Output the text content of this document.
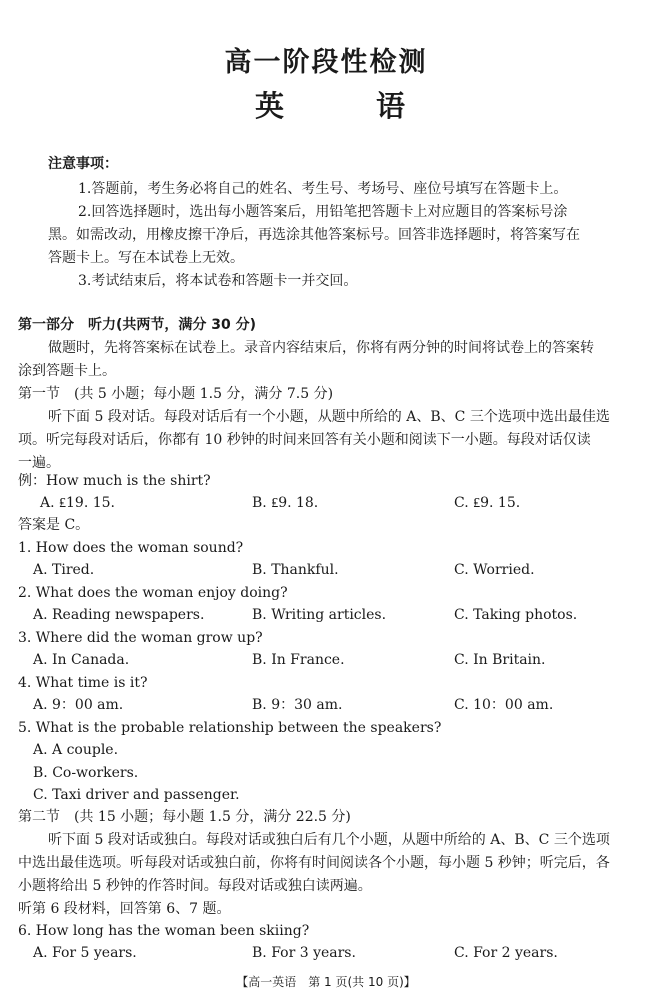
高一阶段性检测
英	语
注意事项：
1.答题前，考生务必将自己的姓名、考生号、考场号、座位号填写在答题卡上。
2.回答选择题时，选出每小题答案后，用铅笔把答题卡上对应题目的答案标号涂
黑。如需改动，用橡皮擦干净后，再选涂其他答案标号。回答非选择题时，将答案写在
答题卡上。写在本试卷上无效。
3.考试结束后，将本试卷和答题卡一并交回。
第一部分　听力(共两节，满分 30 分)
做题时，先将答案标在试卷上。录音内容结束后，你将有两分钟的时间将试卷上的答案转
涂到答题卡上。
第一节　(共 5 小题；每小题 1.5 分，满分 7.5 分)
听下面 5 段对话。每段对话后有一个小题，从题中所给的 A、B、C 三个选项中选出最佳选
项。听完每段对话后，你都有 10 秒钟的时间来回答有关小题和阅读下一小题。每段对话仅读
一遍。
例：How much is the shirt?
A. ₤19. 15.	B. ₤9. 18.	C. ₤9. 15.
答案是 C。
1. How does the woman sound?
A. Tired.	B. Thankful.	C. Worried.
2. What does the woman enjoy doing?
A. Reading newspapers.	B. Writing articles.	C. Taking photos.
3. Where did the woman grow up?
A. In Canada.	B. In France.	C. In Britain.
4. What time is it?
A. 9：00 am.	B. 9：30 am.	C. 10：00 am.
5. What is the probable relationship between the speakers?
A. A couple.
B. Co-workers.
C. Taxi driver and passenger.
第二节　(共 15 小题；每小题 1.5 分，满分 22.5 分)
听下面 5 段对话或独白。每段对话或独白后有几个小题，从题中所给的 A、B、C 三个选项
中选出最佳选项。听每段对话或独白前，你将有时间阅读各个小题，每小题 5 秒钟；听完后，各
小题将给出 5 秒钟的作答时间。每段对话或独白读两遍。
听第 6 段材料，回答第 6、7 题。
6. How long has the woman been skiing?
A. For 5 years.	B. For 3 years.	C. For 2 years.
【高一英语　第 1 页(共 10 页)】
